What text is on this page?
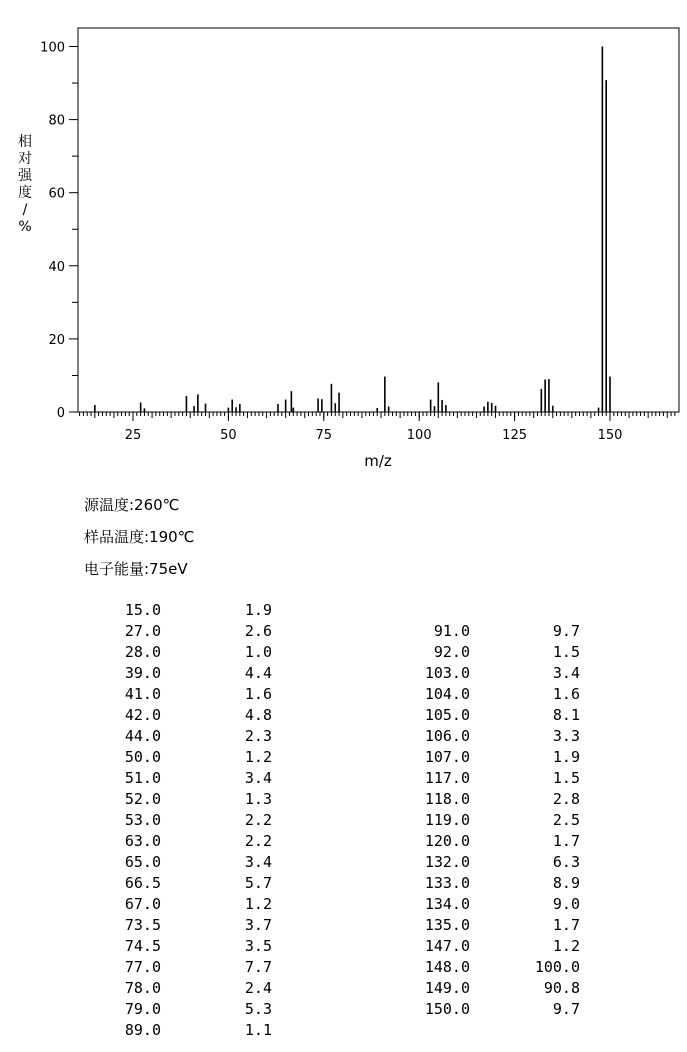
25	50	75	100	125	150
0
20
40
60
80
100
m/z
相对强度/ %
源温度:260℃
样品温度:190℃
电子能量:75eV
15.0	1.9
27.0	2.6
28.0	1.0
39.0	4.4
41.0	1.6
42.0	4.8
44.0	2.3
50.0	1.2
51.0	3.4
52.0	1.3
53.0	2.2
63.0	2.2
65.0	3.4
66.5	5.7
67.0	1.2
73.5	3.7
74.5	3.5
77.0	7.7
78.0	2.4
79.0	5.3
89.0	1.1
91.0	9.7
92.0	1.5
103.0	3.4
104.0	1.6
105.0	8.1
106.0	3.3
107.0	1.9
117.0	1.5
118.0	2.8
119.0	2.5
120.0	1.7
132.0	6.3
133.0	8.9
134.0	9.0
135.0	1.7
147.0	1.2
148.0	100.0
149.0	90.8
150.0	9.7
